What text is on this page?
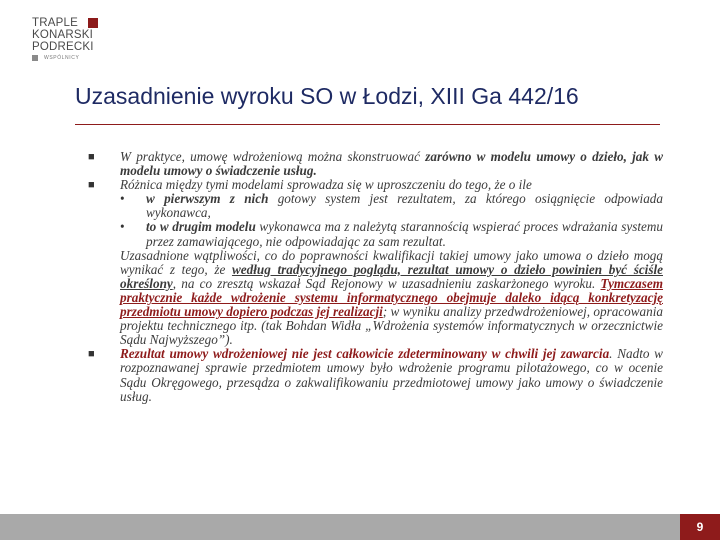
TRAPLE
KONARSKI
PODRECKI
WSPÓLNICY
Uzasadnienie wyroku SO w Łodzi, XIII Ga 442/16
■ W praktyce, umowę wdrożeniową można skonstruować zarówno w modelu umowy o dzieło, jak w modelu umowy o świadczenie usług.
■ Różnica między tymi modelami sprowadza się w uproszczeniu do tego, że o ile
• w pierwszym z nich gotowy system jest rezultatem, za którego osiągnięcie odpowiada wykonawca,
• to w drugim modelu wykonawca ma z należytą starannością wspierać proces wdrażania systemu przez zamawiającego, nie odpowiadając za sam rezultat.
Uzasadnione wątpliwości, co do poprawności kwalifikacji takiej umowy jako umowa o dzieło mogą wynikać z tego, że według tradycyjnego poglądu, rezultat umowy o dzieło powinien być ściśle określony, na co zresztą wskazał Sąd Rejonowy w uzasadnieniu zaskarżonego wyroku. Tymczasem praktycznie każde wdrożenie systemu informatycznego obejmuje daleko idącą konkretyzację przedmiotu umowy dopiero podczas jej realizacji; w wyniku analizy przedwdrożeniowej, opracowania projektu technicznego itp. (tak Bohdan Widła „Wdrożenia systemów informatycznych w orzecznictwie Sądu Najwyższego”).
■ Rezultat umowy wdrożeniowej nie jest całkowicie zdeterminowany w chwili jej zawarcia. Nadto w rozpoznawanej sprawie przedmiotem umowy było wdrożenie programu pilotażowego, co w ocenie Sądu Okręgowego, przesądza o zakwalifikowaniu przedmiotowej umowy jako umowy o świadczenie usług.
9
